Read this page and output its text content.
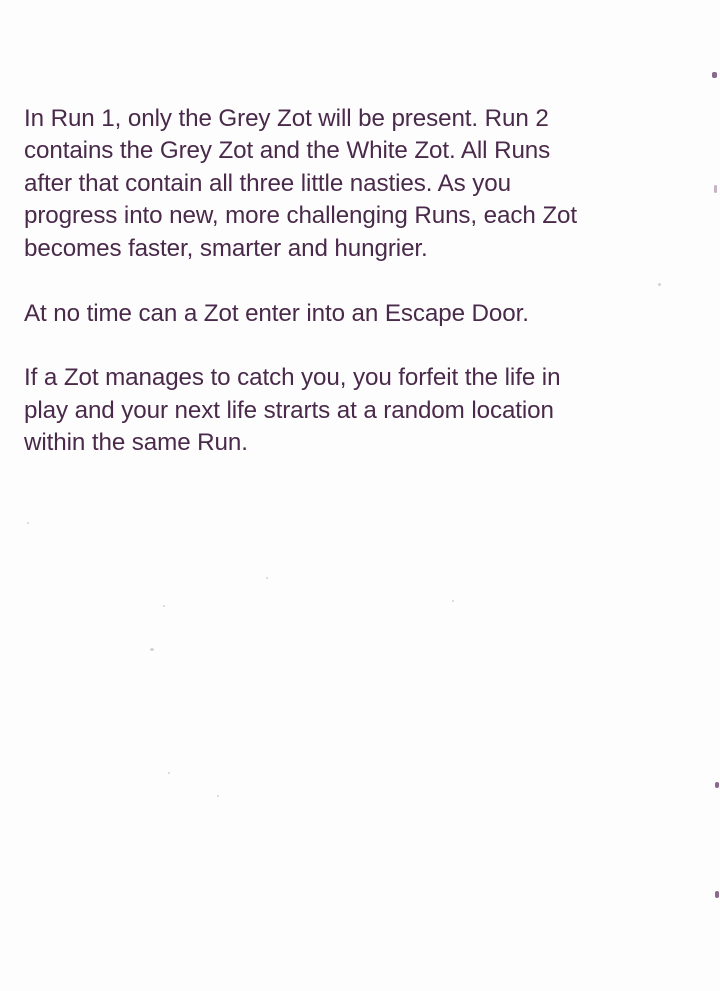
In Run 1, only the Grey Zot will be present. Run 2
contains the Grey Zot and the White Zot. All Runs
after that contain all three little nasties. As you
progress into new, more challenging Runs, each Zot
becomes faster, smarter and hungrier.

At no time can a Zot enter into an Escape Door.

If a Zot manages to catch you, you forfeit the life in
play and your next life strarts at a random location
within the same Run.
